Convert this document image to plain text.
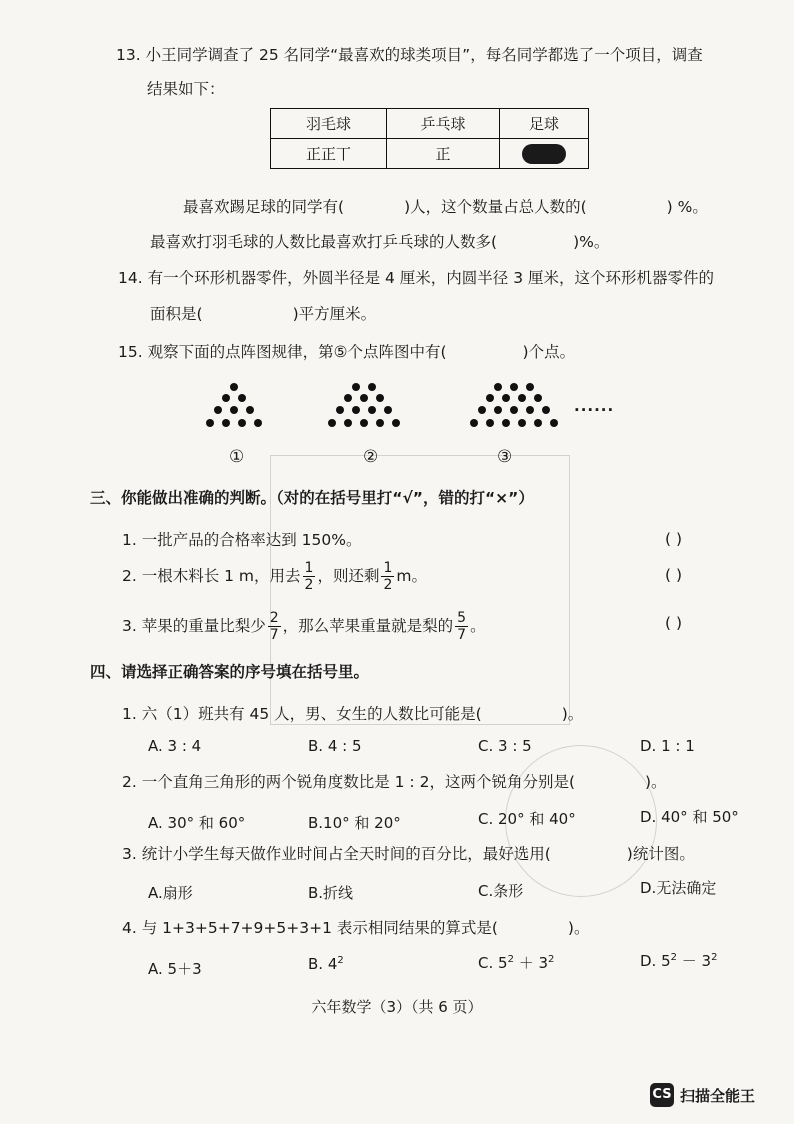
13. 小王同学调查了 25 名同学“最喜欢的球类项目”，每名同学都选了一个项目，调查
结果如下：
羽毛球	乒乓球	足球
正正丅	正	
最喜欢踢足球的同学有(	)人，这个数量占总人数的(	) %。
最喜欢打羽毛球的人数比最喜欢打乒乓球的人数多(	)%。
14. 有一个环形机器零件，外圆半径是 4 厘米，内圆半径 3 厘米，这个环形机器零件的
面积是(	)平方厘米。
15. 观察下面的点阵图规律，第⑤个点阵图中有(	)个点。
......
①	②	③
三、你能做出准确的判断。（对的在括号里打“√”，错的打“×”）
1. 一批产品的合格率达到 150%。	( )
2. 一根木料长 1 m，用去 $\frac{1}{2}$ ，则还剩 $\frac{1}{2}$ m。	( )
3. 苹果的重量比梨少 $\frac{2}{7}$ ，那么苹果重量就是梨的 $\frac{5}{7}$ 。	( )
四、请选择正确答案的序号填在括号里。
1. 六（1）班共有 45 人，男、女生的人数比可能是(	)。
A. 3 : 4	B. 4 : 5	C. 3 : 5	D. 1 : 1
2. 一个直角三角形的两个锐角度数比是 1 : 2，这两个锐角分别是(	)。
A. 30° 和 60°	B.10° 和 20°	C. 20° 和 40°	D. 40° 和 50°
3. 统计小学生每天做作业时间占全天时间的百分比，最好选用(	)统计图。
A.扇形	B.折线	C.条形	D.无法确定
4. 与 1+3+5+7+9+5+3+1 表示相同结果的算式是(	)。
A. 5＋3	B. $4^2$	C. $5^2 + 3^2$	D. $5^2 - 3^2$
六年数学（3）（共 6 页）
CS 扫描全能王
